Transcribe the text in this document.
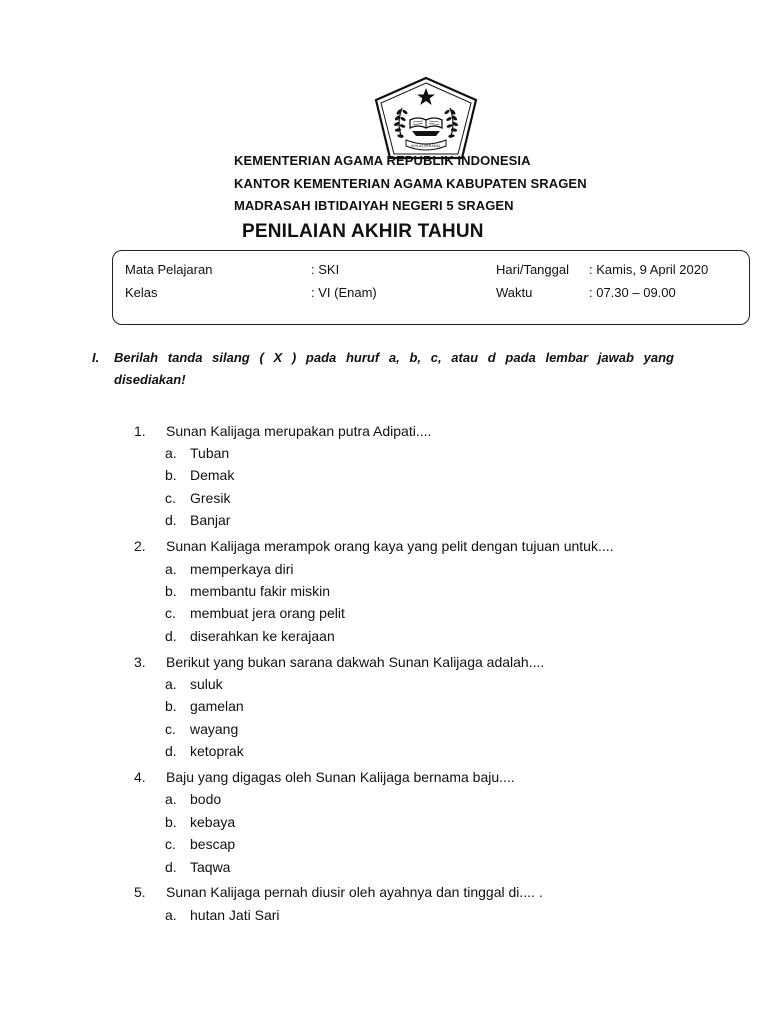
IKHLAS BERAMAL
KEMENTERIAN AGAMA REPUBLIK INDONESIA
KANTOR KEMENTERIAN AGAMA KABUPATEN SRAGEN
MADRASAH IBTIDAIYAH NEGERI 5 SRAGEN
PENILAIAN AKHIR TAHUN
Mata Pelajaran	: SKI	Hari/Tanggal : Kamis, 9 April 2020
Kelas	: VI (Enam)	Waktu	: 07.30 – 09.00
I. Berilah tanda silang ( X ) pada huruf a, b, c, atau d pada lembar jawab yang
disediakan!
1. Sunan Kalijaga merupakan putra Adipati....
a. Tuban
b. Demak
c. Gresik
d. Banjar
2. Sunan Kalijaga merampok orang kaya yang pelit dengan tujuan untuk....
a. memperkaya diri
b. membantu fakir miskin
c. membuat jera orang pelit
d. diserahkan ke kerajaan
3. Berikut yang bukan sarana dakwah Sunan Kalijaga adalah....
a. suluk
b. gamelan
c. wayang
d. ketoprak
4. Baju yang digagas oleh Sunan Kalijaga bernama baju....
a. bodo
b. kebaya
c. bescap
d. Taqwa
5. Sunan Kalijaga pernah diusir oleh ayahnya dan tinggal di.... .
a. hutan Jati Sari
